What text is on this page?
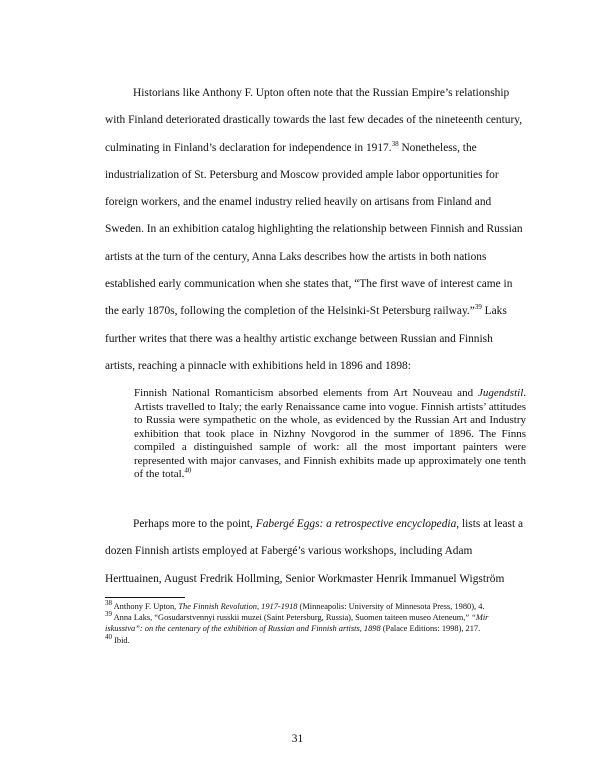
Historians like Anthony F. Upton often note that the Russian Empire’s relationship with Finland deteriorated drastically towards the last few decades of the nineteenth century, culminating in Finland’s declaration for independence in 1917.38 Nonetheless, the industrialization of St. Petersburg and Moscow provided ample labor opportunities for foreign workers, and the enamel industry relied heavily on artisans from Finland and Sweden. In an exhibition catalog highlighting the relationship between Finnish and Russian artists at the turn of the century, Anna Laks describes how the artists in both nations established early communication when she states that, “The first wave of interest came in the early 1870s, following the completion of the Helsinki-St Petersburg railway.”$^{39}$ Laks further writes that there was a healthy artistic exchange between Russian and Finnish artists, reaching a pinnacle with exhibitions held in 1896 and 1898:

Finnish National Romanticism absorbed elements from Art Nouveau and Jugendstil. Artists travelled to Italy; the early Renaissance came into vogue. Finnish artists’ attitudes to Russia were sympathetic on the whole, as evidenced by the Russian Art and Industry exhibition that took place in Nizhny Novgorod in the summer of 1896. The Finns compiled a distinguished sample of work: all the most important painters were represented with major canvases, and Finnish exhibits made up approximately one tenth of the total.$^{40}$

Perhaps more to the point, Fabergé Eggs: a retrospective encyclopedia, lists at least a dozen Finnish artists employed at Fabergé’s various workshops, including Adam Herttuainen, August Fredrik Hollming, Senior Workmaster Henrik Immanuel Wigström

$^{38}$ Anthony F. Upton, The Finnish Revolution, 1917-1918 (Minneapolis: University of Minnesota Press, 1980), 4.

$^{39}$ Anna Laks, “Gosudarstvennyi russkii muzei (Saint Petersburg, Russia), Suomen taiteen museo Ateneum,” “Mir iskusstva”: on the centenary of the exhibition of Russian and Finnish artists, 1898 (Palace Editions: 1998), 217.

$^{40}$ Ibid.

31
